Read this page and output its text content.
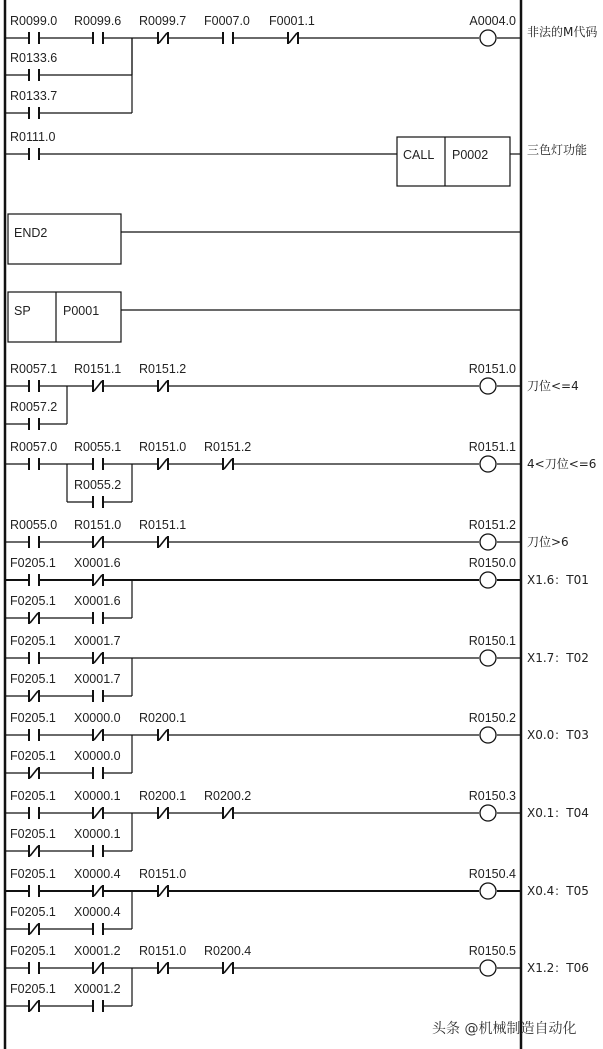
R0133.6
R0133.7
R0099.0 R0099.6 R0099.7 F0007.0 F0001.1	A0004.0
非法的M代码
CALL P0002
R0111.0
三色灯功能
END2
SP	P0001
R0057.2
R0057.1 R0151.1 R0151.2	R0151.0
刀位<=4
R0055.2
R0057.0 R0055.1 R0151.0 R0151.2	R0151.1
4<刀位<=6
R0055.0 R0151.0 R0151.1	R0151.2
刀位>6
F0205.1 X0001.6
F0205.1 X0001.6	R0150.0
X1.6：T01
F0205.1 X0001.7
F0205.1 X0001.7	R0150.1
X1.7：T02
F0205.1 X0000.0
F0205.1 X0000.0 R0200.1	R0150.2
X0.0：T03
F0205.1 X0000.1
F0205.1 X0000.1 R0200.1 R0200.2	R0150.3
X0.1：T04
F0205.1 X0000.4
F0205.1 X0000.4 R0151.0	R0150.4
X0.4：T05
F0205.1 X0001.2
F0205.1 X0001.2 R0151.0 R0200.4	R0150.5
X1.2：T06
头条 @机械制造自动化
